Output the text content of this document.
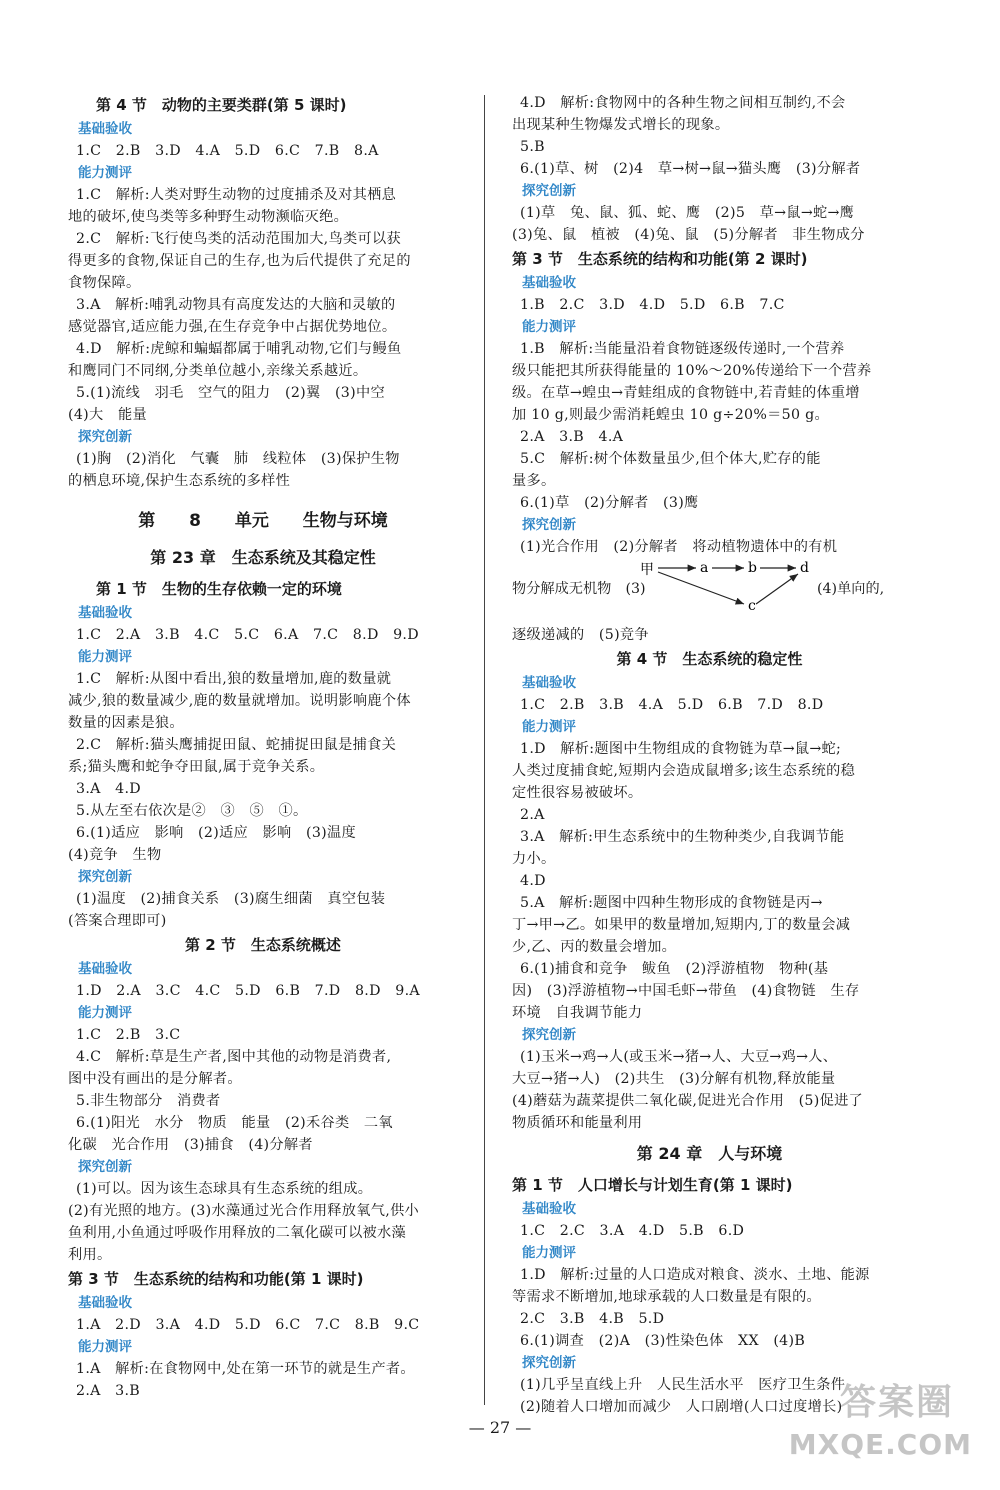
第 4 节　动物的主要类群(第 5 课时)
基础验收
1.C　2.B　3.D　4.A　5.D　6.C　7.B　8.A
能力测评
1.C　解析:人类对野生动物的过度捕杀及对其栖息
地的破坏,使鸟类等多种野生动物濒临灭绝。
2.C　解析:飞行使鸟类的活动范围加大,鸟类可以获
得更多的食物,保证自己的生存,也为后代提供了充足的
食物保障。
3.A　解析:哺乳动物具有高度发达的大脑和灵敏的
感觉器官,适应能力强,在生存竞争中占据优势地位。
4.D　解析:虎鲸和蝙蝠都属于哺乳动物,它们与鳗鱼
和鹰同门不同纲,分类单位越小,亲缘关系越近。
5.(1)流线　羽毛　空气的阻力　(2)翼　(3)中空
(4)大　能量
探究创新
(1)胸　(2)消化　气囊　肺　线粒体　(3)保护生物
的栖息环境,保护生态系统的多样性
第 8 单元 生物与环境
第 23 章　生态系统及其稳定性
第 1 节　生物的生存依赖一定的环境
基础验收
1.C　2.A　3.B　4.C　5.C　6.A　7.C　8.D　9.D
能力测评
1.C　解析:从图中看出,狼的数量增加,鹿的数量就
减少,狼的数量减少,鹿的数量就增加。说明影响鹿个体
数量的因素是狼。
2.C　解析:猫头鹰捕捉田鼠、蛇捕捉田鼠是捕食关
系;猫头鹰和蛇争夺田鼠,属于竞争关系。
3.A　4.D
5.从左至右依次是②　③　⑤　①。
6.(1)适应　影响　(2)适应　影响　(3)温度
(4)竞争　生物
探究创新
(1)温度　(2)捕食关系　(3)腐生细菌　真空包装
(答案合理即可)
第 2 节　生态系统概述
基础验收
1.D　2.A　3.C　4.C　5.D　6.B　7.D　8.D　9.A
能力测评
1.C　2.B　3.C
4.C　解析:草是生产者,图中其他的动物是消费者,
图中没有画出的是分解者。
5.非生物部分　消费者
6.(1)阳光　水分　物质　能量　(2)禾谷类　二氧
化碳　光合作用　(3)捕食　(4)分解者
探究创新
(1)可以。因为该生态球具有生态系统的组成。
(2)有光照的地方。(3)水藻通过光合作用释放氧气,供小
鱼利用,小鱼通过呼吸作用释放的二氧化碳可以被水藻
利用。
第 3 节　生态系统的结构和功能(第 1 课时)
基础验收
1.A　2.D　3.A　4.D　5.D　6.C　7.C　8.B　9.C
能力测评
1.A　解析:在食物网中,处在第一环节的就是生产者。
2.A　3.B
4.D　解析:食物网中的各种生物之间相互制约,不会
出现某种生物爆发式增长的现象。
5.B
6.(1)草、树　(2)4　草→树→鼠→猫头鹰　(3)分解者
探究创新
(1)草　兔、鼠、狐、蛇、鹰　(2)5　草→鼠→蛇→鹰
(3)兔、鼠　植被　(4)兔、鼠　(5)分解者　非生物成分
第 3 节　生态系统的结构和功能(第 2 课时)
基础验收
1.B　2.C　3.D　4.D　5.D　6.B　7.C
能力测评
1.B　解析:当能量沿着食物链逐级传递时,一个营养
级只能把其所获得能量的 10%～20%传递给下一个营养
级。在草→蝗虫→青蛙组成的食物链中,若青蛙的体重增
加 10 g,则最少需消耗蝗虫 10 g÷20%＝50 g。
2.A　3.B　4.A
5.C　解析:树个体数量虽少,但个体大,贮存的能
量多。
6.(1)草　(2)分解者　(3)鹰
探究创新
(1)光合作用　(2)分解者　将动植物遗体中的有机
物分解成无机物　(3)	(4)单向的,
甲	a	b	d
c
逐级递减的　(5)竞争
第 4 节　生态系统的稳定性
基础验收
1.C　2.B　3.B　4.A　5.D　6.B　7.D　8.D
能力测评
1.D　解析:题图中生物组成的食物链为草→鼠→蛇;
人类过度捕食蛇,短期内会造成鼠增多;该生态系统的稳
定性很容易被破坏。
2.A
3.A　解析:甲生态系统中的生物种类少,自我调节能
力小。
4.D
5.A　解析:题图中四种生物形成的食物链是丙→
丁→甲→乙。如果甲的数量增加,短期内,丁的数量会减
少,乙、丙的数量会增加。
6.(1)捕食和竞争　鲅鱼　(2)浮游植物　物种(基
因)　(3)浮游植物→中国毛虾→带鱼　(4)食物链　生存
环境　自我调节能力
探究创新
(1)玉米→鸡→人(或玉米→猪→人、大豆→鸡→人、
大豆→猪→人)　(2)共生　(3)分解有机物,释放能量
(4)蘑菇为蔬菜提供二氧化碳,促进光合作用　(5)促进了
物质循环和能量利用
第 24 章　人与环境
第 1 节　人口增长与计划生育(第 1 课时)
基础验收
1.C　2.C　3.A　4.D　5.B　6.D
能力测评
1.D　解析:过量的人口造成对粮食、淡水、土地、能源
等需求不断增加,地球承载的人口数量是有限的。
2.C　3.B　4.B　5.D
6.(1)调查　(2)A　(3)性染色体　XX　(4)B
探究创新
(1)几乎呈直线上升　人民生活水平　医疗卫生条件
(2)随着人口增加而减少　人口剧增(人口过度增长)
— 27 —
答案圈
MXQE.COM
